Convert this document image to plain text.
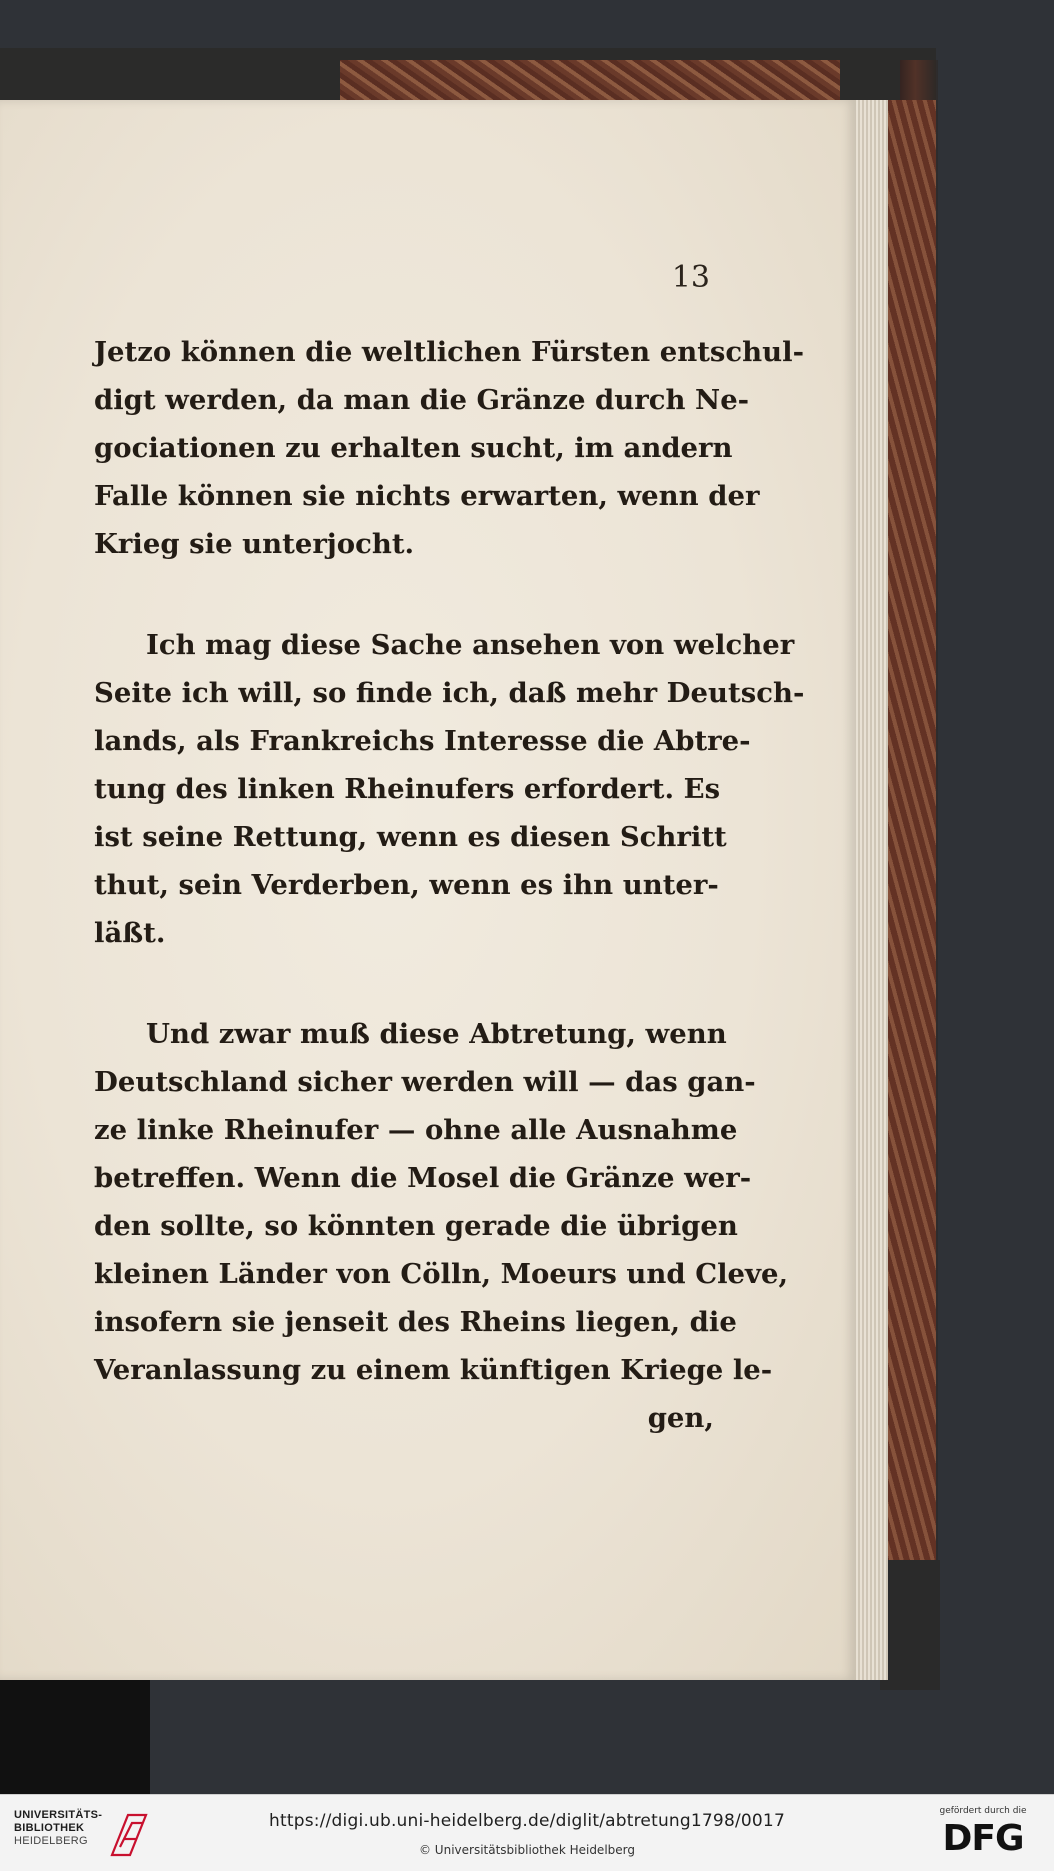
13

Jetzo können die weltlichen Fürsten entschul-
digt werden, da man die Gränze durch Ne-
gociationen zu erhalten sucht, im andern
Falle können sie nichts erwarten, wenn der
Krieg sie unterjocht.

Ich mag diese Sache ansehen von welcher
Seite ich will, so finde ich, daß mehr Deutsch-
lands, als Frankreichs Interesse die Abtre-
tung des linken Rheinufers erfordert. Es
ist seine Rettung, wenn es diesen Schritt
thut, sein Verderben, wenn es ihn unter-
läßt.

Und zwar muß diese Abtretung, wenn
Deutschland sicher werden will — das gan-
ze linke Rheinufer — ohne alle Ausnahme
betreffen. Wenn die Mosel die Gränze wer-
den sollte, so könnten gerade die übrigen
kleinen Länder von Cölln, Moeurs und Cleve,
insofern sie jenseit des Rheins liegen, die
Veranlassung zu einem künftigen Kriege le-

gen,
UNIVERSITÄTS-
BIBLIOTHEK
HEIDELBERG
https://digi.ub.uni-heidelberg.de/diglit/abtretung1798/0017
© Universitätsbibliothek Heidelberg
gefördert durch die
DFG
